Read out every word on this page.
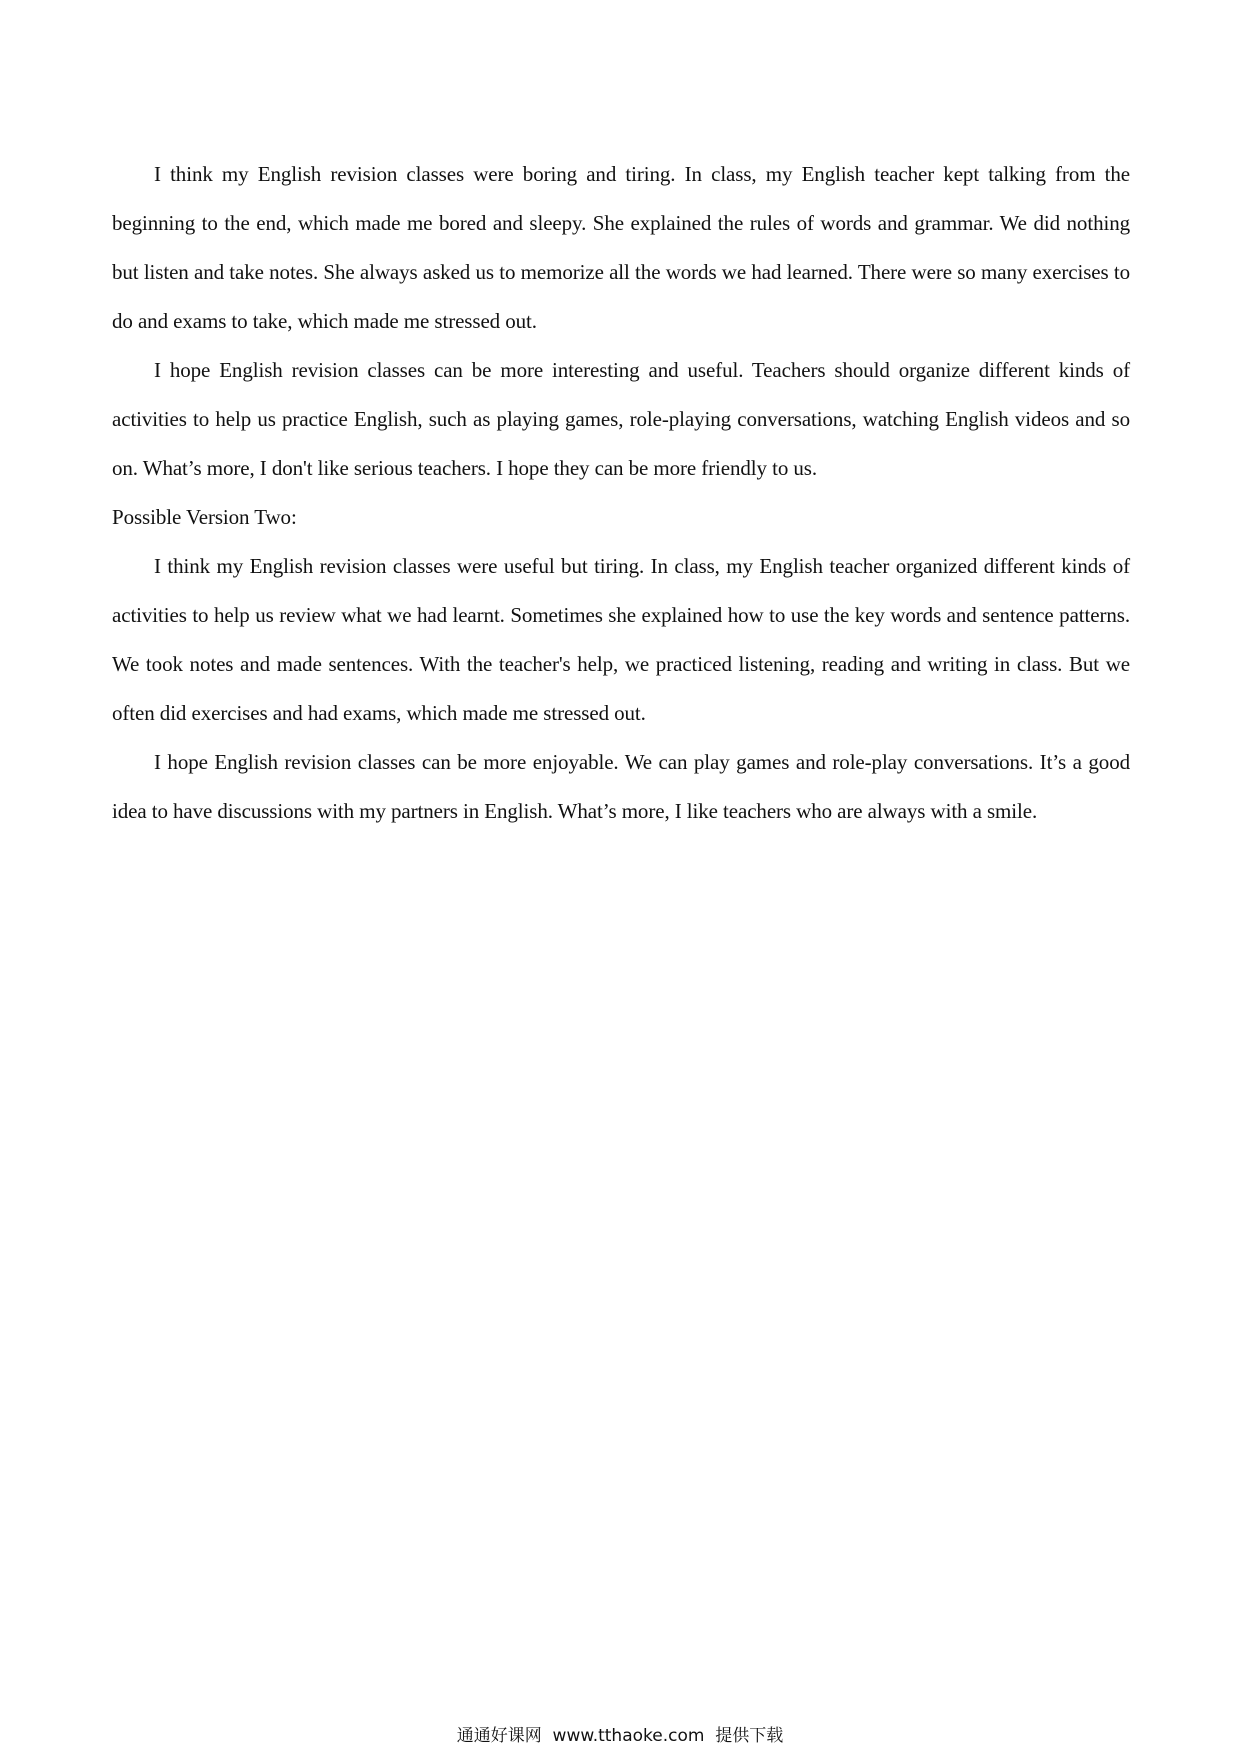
I think my English revision classes were boring and tiring. In class, my English teacher kept talking from the beginning to the end, which made me bored and sleepy. She explained the rules of words and grammar. We did nothing but listen and take notes. She always asked us to memorize all the words we had learned. There were so many exercises to do and exams to take, which made me stressed out.

I hope English revision classes can be more interesting and useful. Teachers should organize different kinds of activities to help us practice English, such as playing games, role-playing conversations, watching English videos and so on. What’s more, I don't like serious teachers. I hope they can be more friendly to us.

Possible Version Two:

I think my English revision classes were useful but tiring. In class, my English teacher organized different kinds of activities to help us review what we had learnt. Sometimes she explained how to use the key words and sentence patterns. We took notes and made sentences. With the teacher's help, we practiced listening, reading and writing in class. But we often did exercises and had exams, which made me stressed out.

I hope English revision classes can be more enjoyable. We can play games and role-play conversations. It’s a good idea to have discussions with my partners in English. What’s more, I like teachers who are always with a smile.

通通好课网 www.tthaoke.com 提供下载
